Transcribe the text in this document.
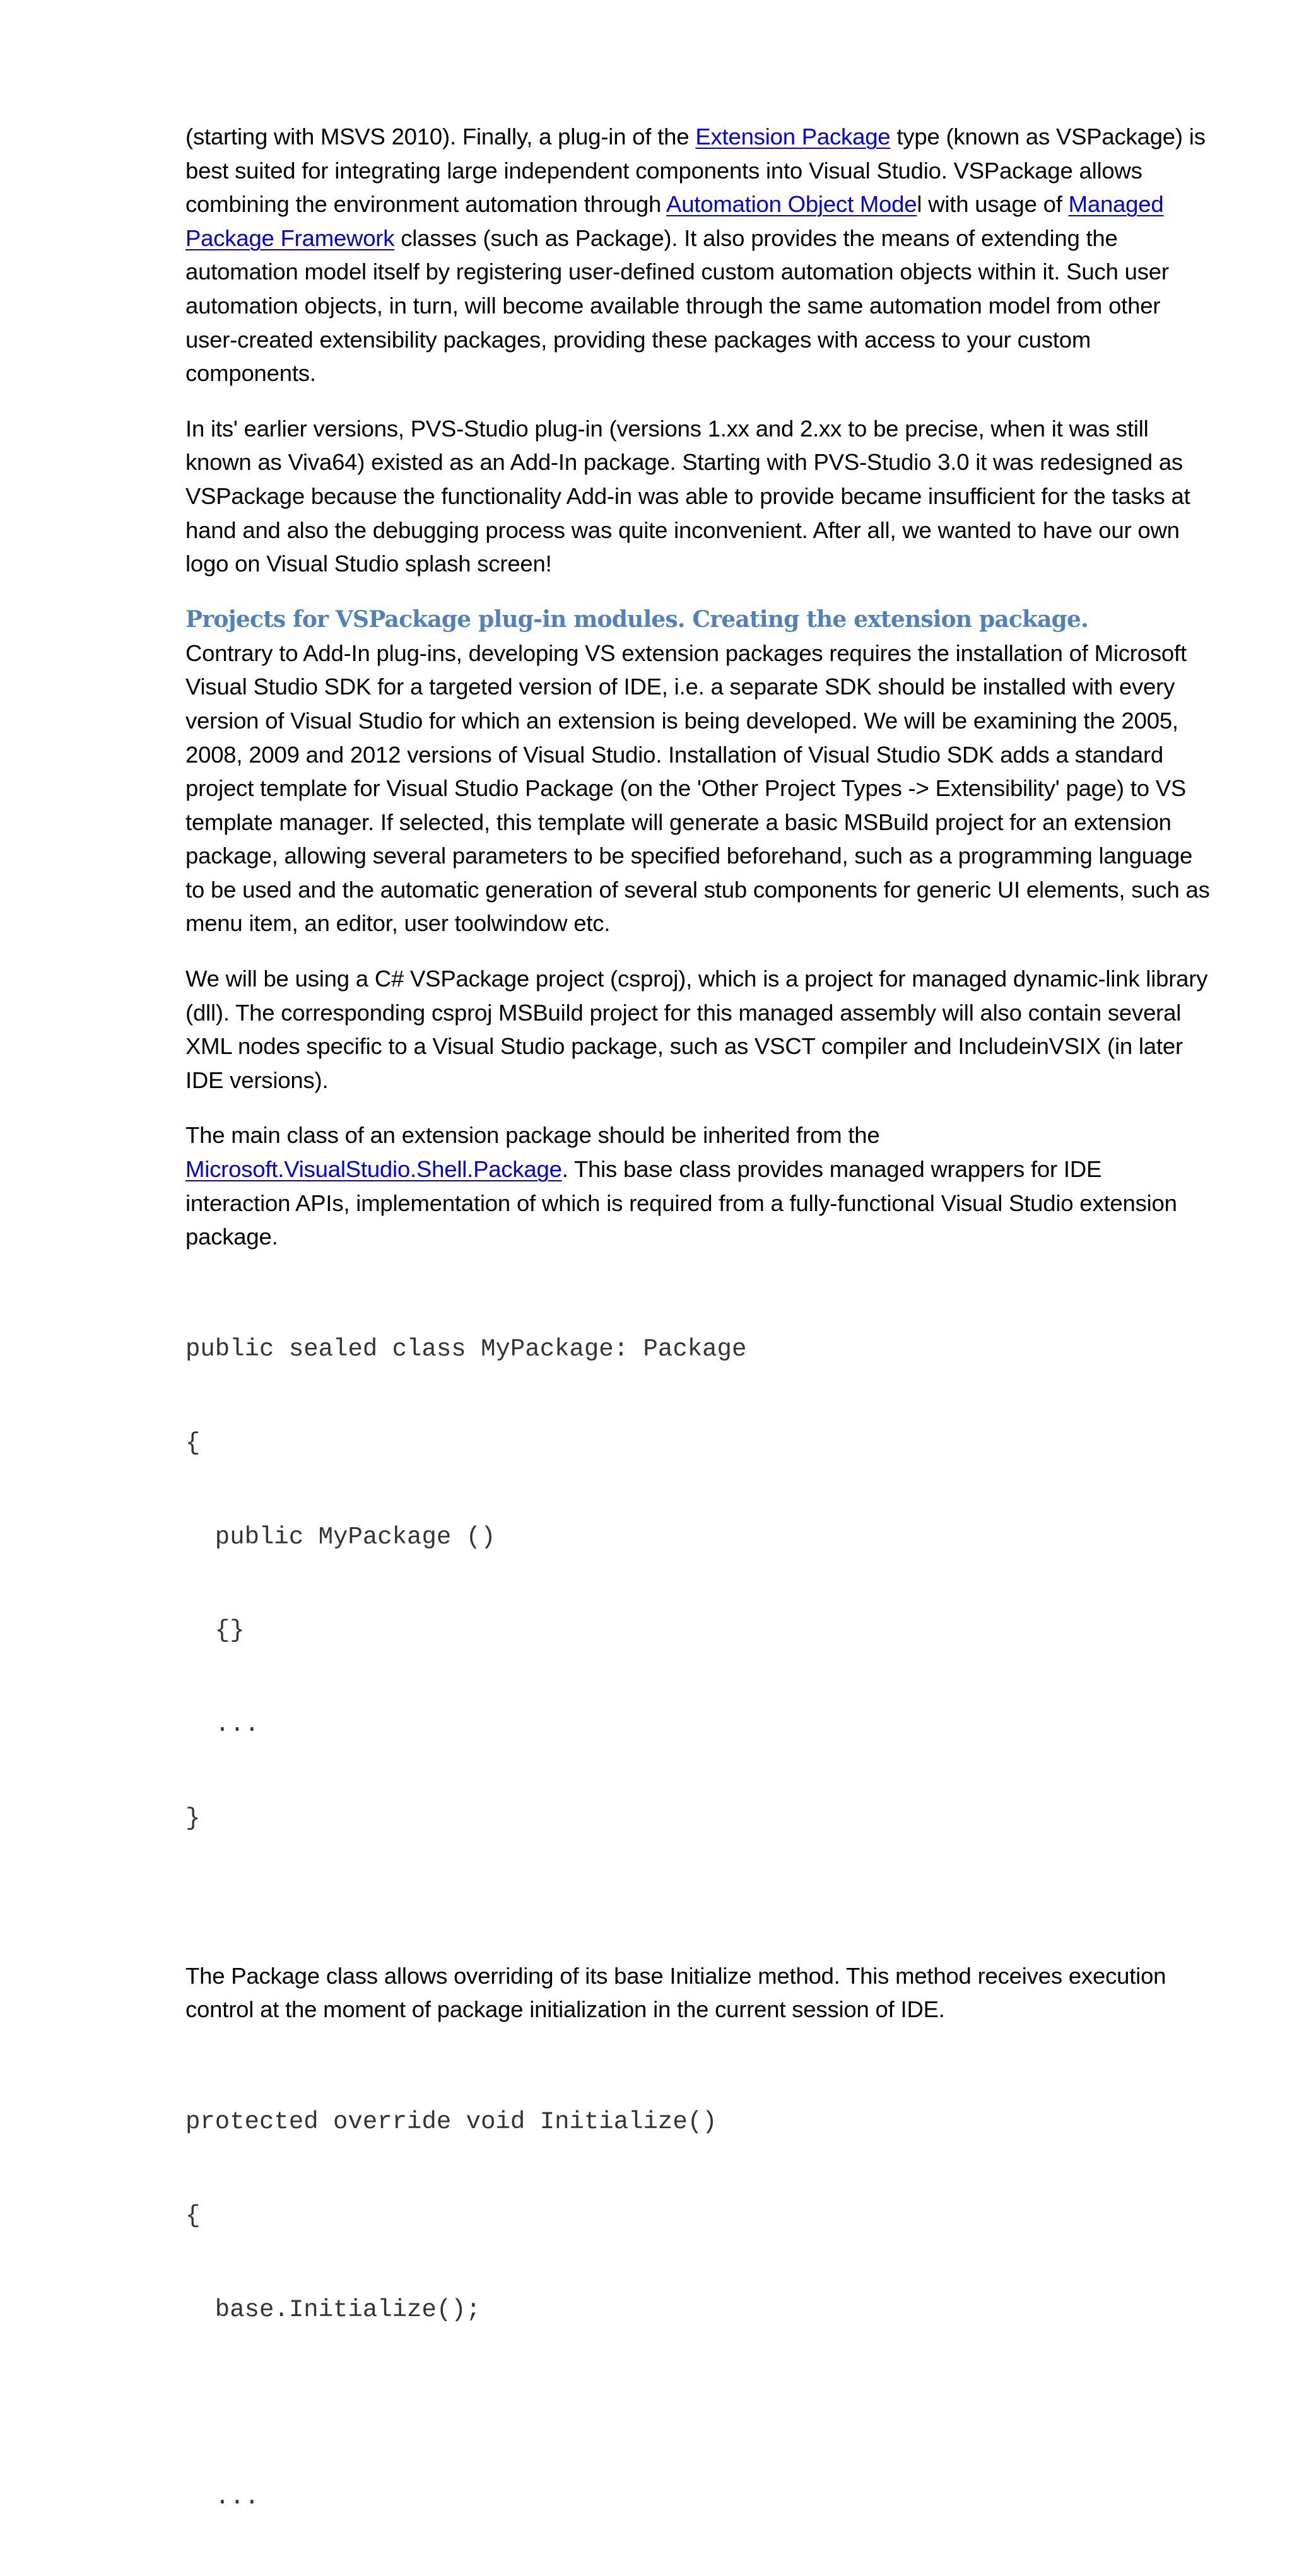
(starting with MSVS 2010). Finally, a plug-in of the Extension Package type (known as VSPackage) is best suited for integrating large independent components into Visual Studio. VSPackage allows combining the environment automation through Automation Object Model with usage of Managed Package Framework classes (such as Package). It also provides the means of extending the automation model itself by registering user-defined custom automation objects within it. Such user automation objects, in turn, will become available through the same automation model from other user-created extensibility packages, providing these packages with access to your custom components.

In its' earlier versions, PVS-Studio plug-in (versions 1.xx and 2.xx to be precise, when it was still known as Viva64) existed as an Add-In package. Starting with PVS-Studio 3.0 it was redesigned as VSPackage because the functionality Add-in was able to provide became insufficient for the tasks at hand and also the debugging process was quite inconvenient. After all, we wanted to have our own logo on Visual Studio splash screen!

Projects for VSPackage plug-in modules. Creating the extension package.

Contrary to Add-In plug-ins, developing VS extension packages requires the installation of Microsoft Visual Studio SDK for a targeted version of IDE, i.e. a separate SDK should be installed with every version of Visual Studio for which an extension is being developed. We will be examining the 2005, 2008, 2009 and 2012 versions of Visual Studio. Installation of Visual Studio SDK adds a standard project template for Visual Studio Package (on the 'Other Project Types -> Extensibility' page) to VS template manager. If selected, this template will generate a basic MSBuild project for an extension package, allowing several parameters to be specified beforehand, such as a programming language to be used and the automatic generation of several stub components for generic UI elements, such as menu item, an editor, user toolwindow etc.

We will be using a C# VSPackage project (csproj), which is a project for managed dynamic-link library (dll). The corresponding csproj MSBuild project for this managed assembly will also contain several XML nodes specific to a Visual Studio package, such as VSCT compiler and IncludeinVSIX (in later IDE versions).

The main class of an extension package should be inherited from the Microsoft.VisualStudio.Shell.Package. This base class provides managed wrappers for IDE interaction APIs, implementation of which is required from a fully-functional Visual Studio extension package.

public sealed class MyPackage: Package

{

public MyPackage ()

{}

...

}

The Package class allows overriding of its base Initialize method. This method receives execution control at the moment of package initialization in the current session of IDE.

protected override void Initialize()

{

base.Initialize();

...
